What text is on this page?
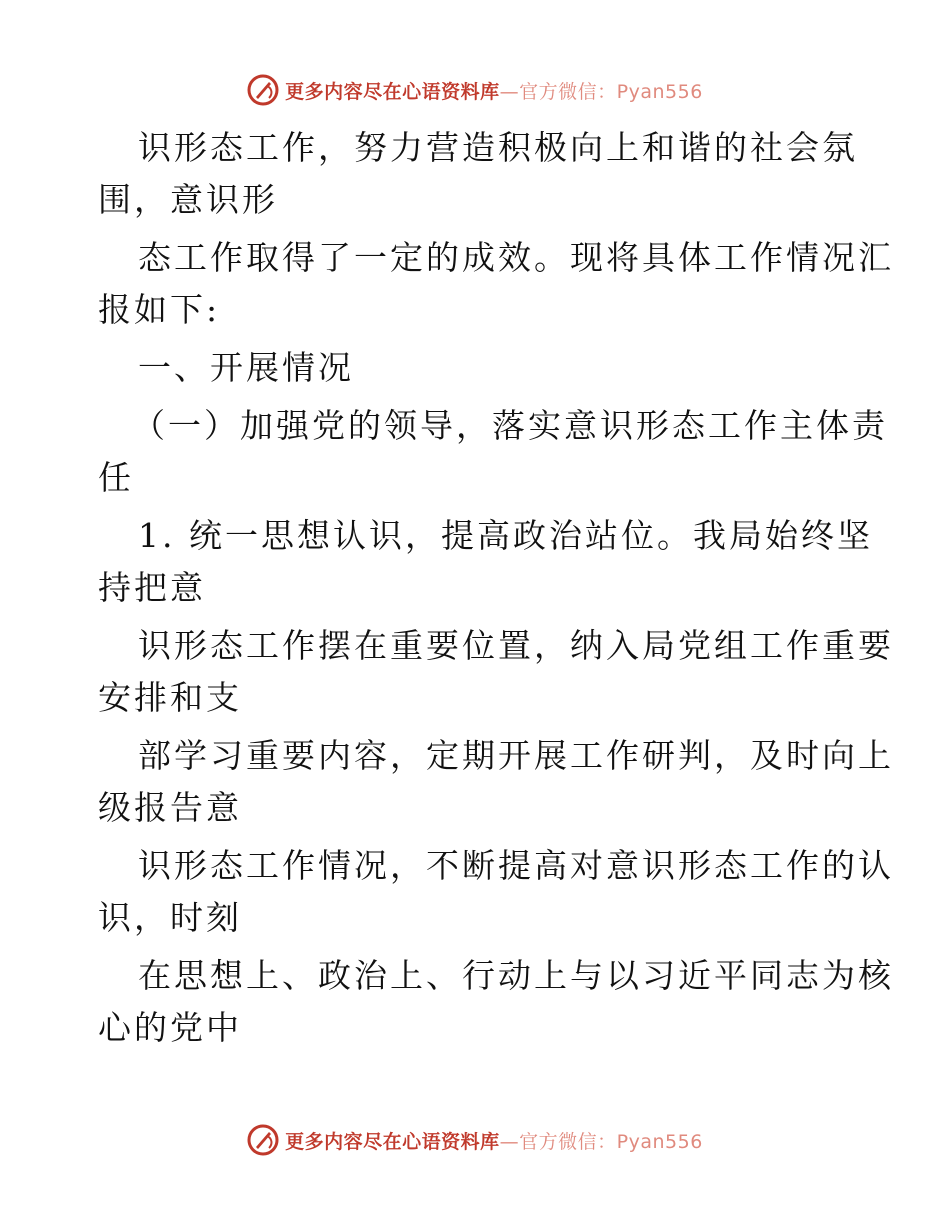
更多内容尽在心语资料库—官方微信：Pyan556

识形态工作，努力营造积极向上和谐的社会氛

围，意识形

态工作取得了一定的成效。现将具体工作情况汇

报如下:

一、开展情况

（一）加强党的领导，落实意识形态工作主体责

任

1. 统一思想认识，提高政治站位。我局始终坚

持把意

识形态工作摆在重要位置，纳入局党组工作重要

安排和支

部学习重要内容，定期开展工作研判，及时向上

级报告意

识形态工作情况，不断提高对意识形态工作的认

识，时刻

在思想上、政治上、行动上与以习近平同志为核

心的党中

更多内容尽在心语资料库—官方微信：Pyan556
